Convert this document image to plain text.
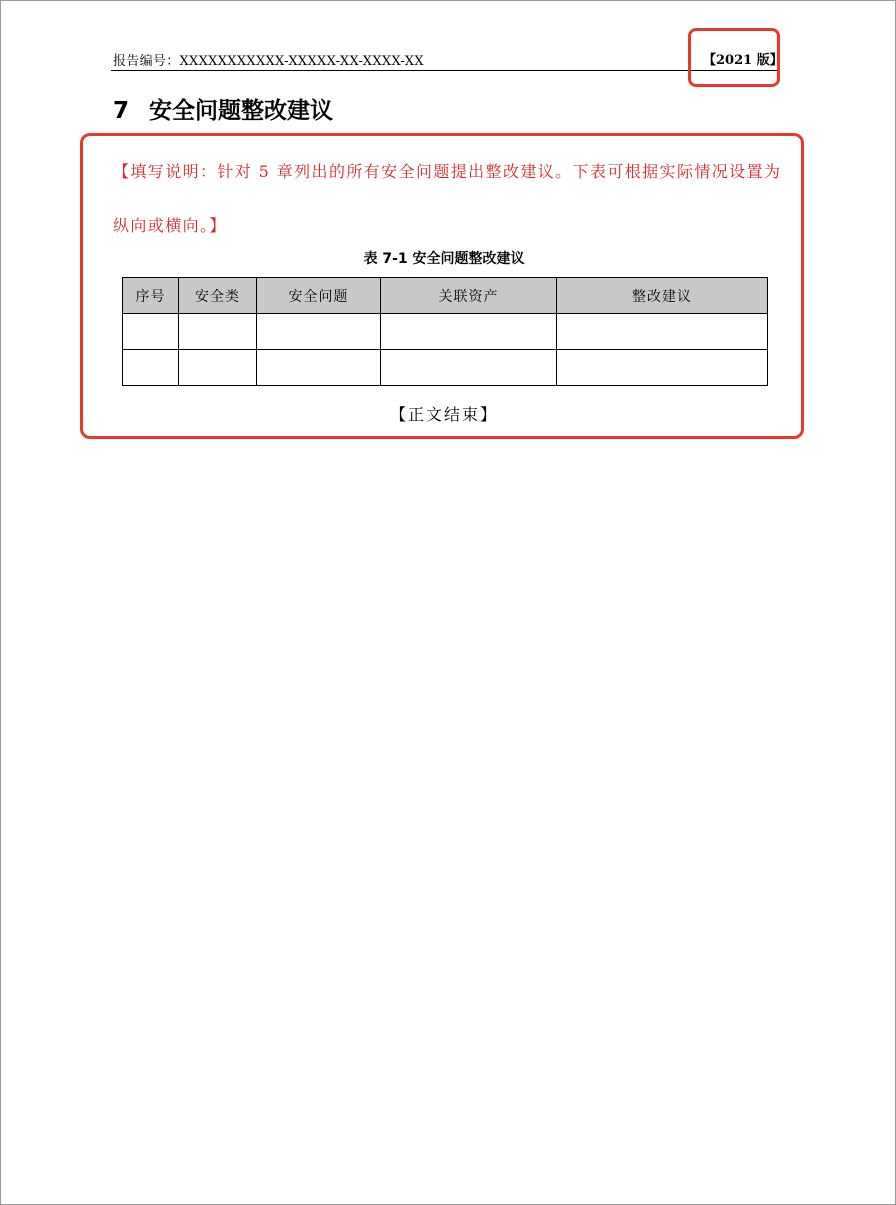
报告编号：XXXXXXXXXXX-XXXXX-XX-XXXX-XX	【2021 版】
7 安全问题整改建议
【填写说明：针对 5 章列出的所有安全问题提出整改建议。下表可根据实际情况设置为纵向或横向。】
表 7-1 安全问题整改建议
序号	安全类	安全问题	关联资产	整改建议

【正文结束】
